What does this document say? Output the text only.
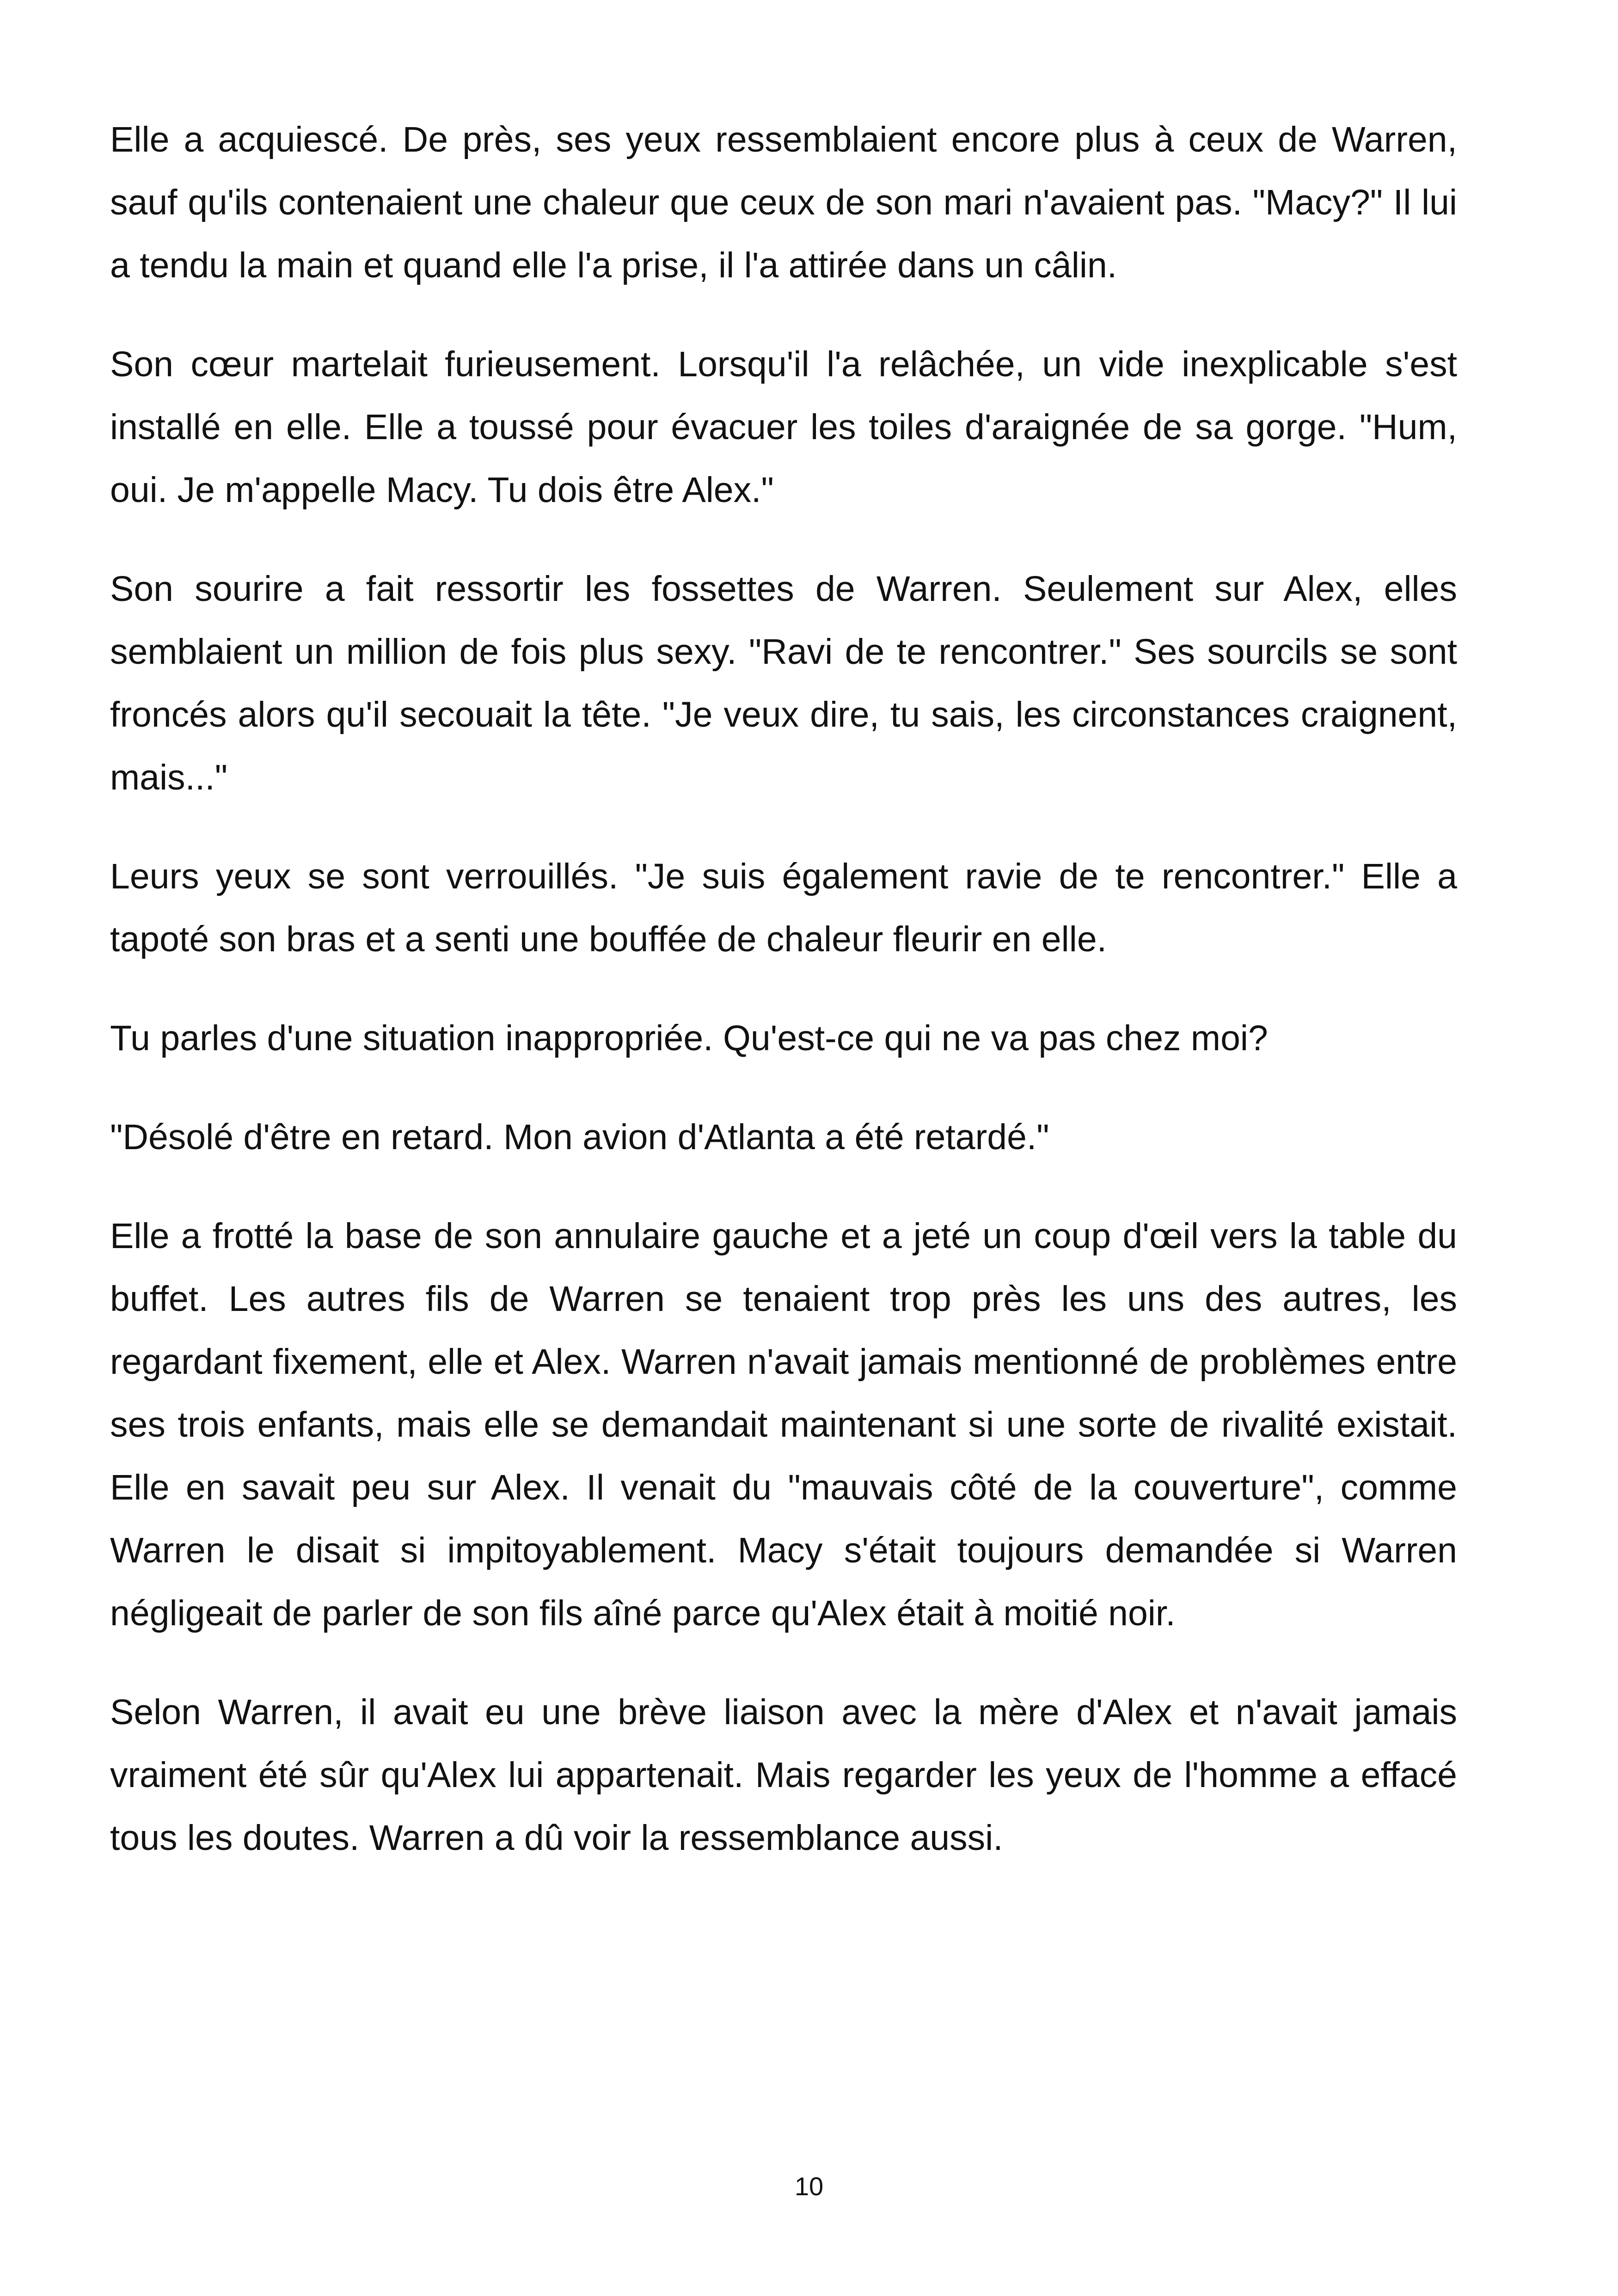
Elle a acquiescé. De près, ses yeux ressemblaient encore plus à ceux de Warren, sauf qu'ils contenaient une chaleur que ceux de son mari n'avaient pas. "Macy?" Il lui a tendu la main et quand elle l'a prise, il l'a attirée dans un câlin.

Son cœur martelait furieusement. Lorsqu'il l'a relâchée, un vide inexplicable s'est installé en elle. Elle a toussé pour évacuer les toiles d'araignée de sa gorge. "Hum, oui. Je m'appelle Macy. Tu dois être Alex."

Son sourire a fait ressortir les fossettes de Warren. Seulement sur Alex, elles semblaient un million de fois plus sexy. "Ravi de te rencontrer." Ses sourcils se sont froncés alors qu'il secouait la tête. "Je veux dire, tu sais, les circonstances craignent, mais..."

Leurs yeux se sont verrouillés. "Je suis également ravie de te rencontrer." Elle a tapoté son bras et a senti une bouffée de chaleur fleurir en elle.

Tu parles d'une situation inappropriée. Qu'est-ce qui ne va pas chez moi?

"Désolé d'être en retard. Mon avion d'Atlanta a été retardé."

Elle a frotté la base de son annulaire gauche et a jeté un coup d'œil vers la table du buffet. Les autres fils de Warren se tenaient trop près les uns des autres, les regardant fixement, elle et Alex. Warren n'avait jamais mentionné de problèmes entre ses trois enfants, mais elle se demandait maintenant si une sorte de rivalité existait. Elle en savait peu sur Alex. Il venait du "mauvais côté de la couverture", comme Warren le disait si impitoyablement. Macy s'était toujours demandée si Warren négligeait de parler de son fils aîné parce qu'Alex était à moitié noir.

Selon Warren, il avait eu une brève liaison avec la mère d'Alex et n'avait jamais vraiment été sûr qu'Alex lui appartenait. Mais regarder les yeux de l'homme a effacé tous les doutes. Warren a dû voir la ressemblance aussi.

10
